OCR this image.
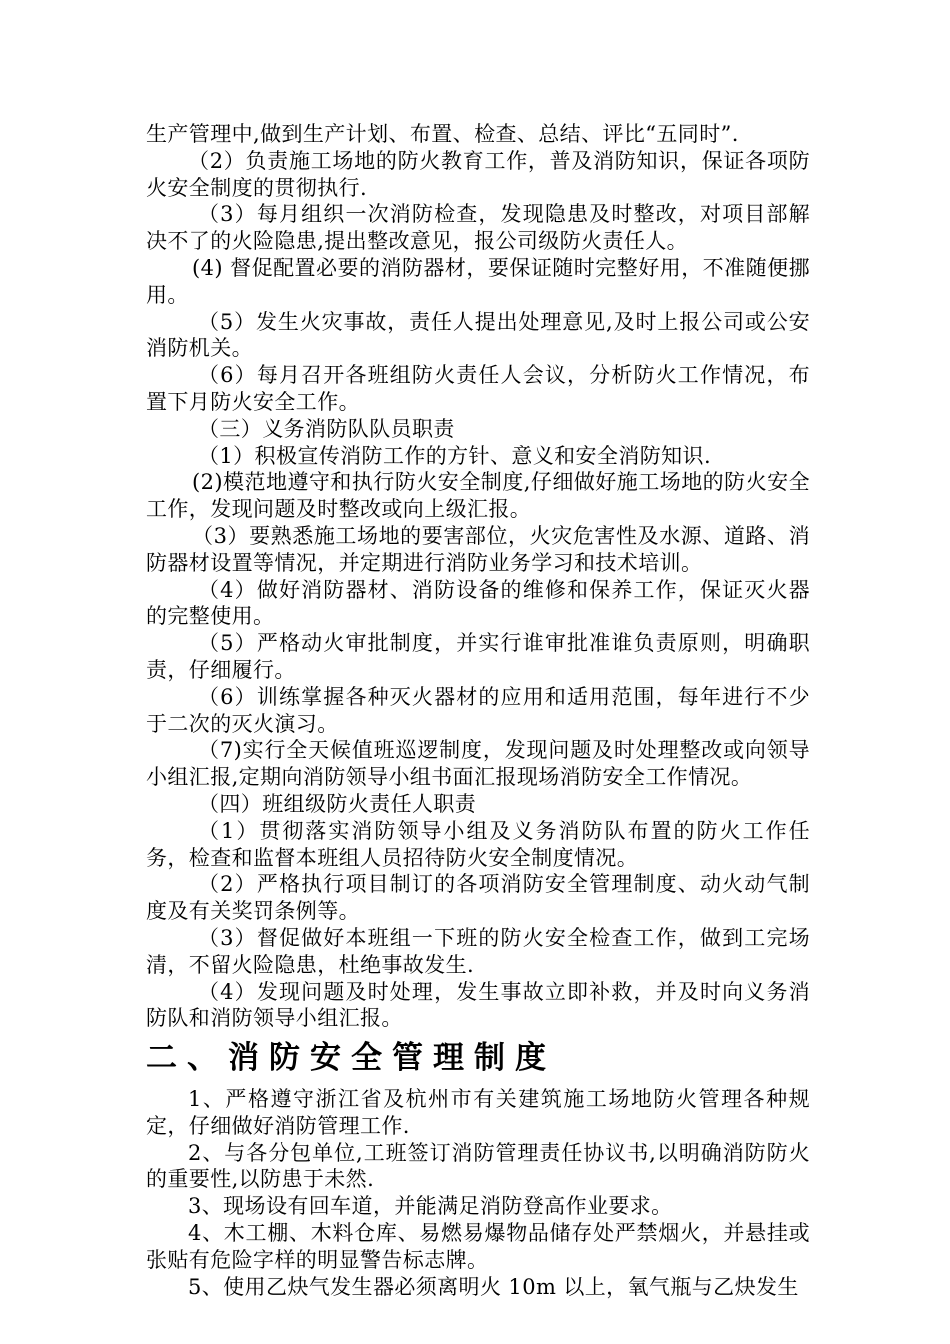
生产管理中,做到生产计划、布置、检查、总结、评比“五同时”.

（2）负责施工场地的防火教育工作，普及消防知识，保证各项防火安全制度的贯彻执行.

（3）每月组织一次消防检查，发现隐患及时整改，对项目部解决不了的火险隐患,提出整改意见，报公司级防火责任人。

(4) 督促配置必要的消防器材，要保证随时完整好用，不准随便挪用。

（5）发生火灾事故，责任人提出处理意见,及时上报公司或公安消防机关。

（6）每月召开各班组防火责任人会议，分析防火工作情况，布置下月防火安全工作。

（三）义务消防队队员职责

（1）积极宣传消防工作的方针、意义和安全消防知识.

(2)模范地遵守和执行防火安全制度,仔细做好施工场地的防火安全工作，发现问题及时整改或向上级汇报。

（3）要熟悉施工场地的要害部位，火灾危害性及水源、道路、消防器材设置等情况，并定期进行消防业务学习和技术培训。

（4）做好消防器材、消防设备的维修和保养工作，保证灭火器的完整使用。

（5）严格动火审批制度，并实行谁审批准谁负责原则，明确职责，仔细履行。

（6）训练掌握各种灭火器材的应用和适用范围，每年进行不少于二次的灭火演习。

（7)实行全天候值班巡逻制度，发现问题及时处理整改或向领导小组汇报,定期向消防领导小组书面汇报现场消防安全工作情况。

（四）班组级防火责任人职责

（1）贯彻落实消防领导小组及义务消防队布置的防火工作任务，检查和监督本班组人员招待防火安全制度情况。

（2）严格执行项目制订的各项消防安全管理制度、动火动气制度及有关奖罚条例等。

（3）督促做好本班组一下班的防火安全检查工作，做到工完场清，不留火险隐患，杜绝事故发生.

（4）发现问题及时处理，发生事故立即补救，并及时向义务消防队和消防领导小组汇报。

二、消防安全管理制度

1、严格遵守浙江省及杭州市有关建筑施工场地防火管理各种规定，仔细做好消防管理工作.

2、与各分包单位,工班签订消防管理责任协议书,以明确消防防火的重要性,以防患于未然.

3、现场设有回车道，并能满足消防登高作业要求。

4、木工棚、木料仓库、易燃易爆物品储存处严禁烟火，并悬挂或张贴有危险字样的明显警告标志牌。

5、使用乙炔气发生器必须离明火 10m 以上，氧气瓶与乙炔发生
